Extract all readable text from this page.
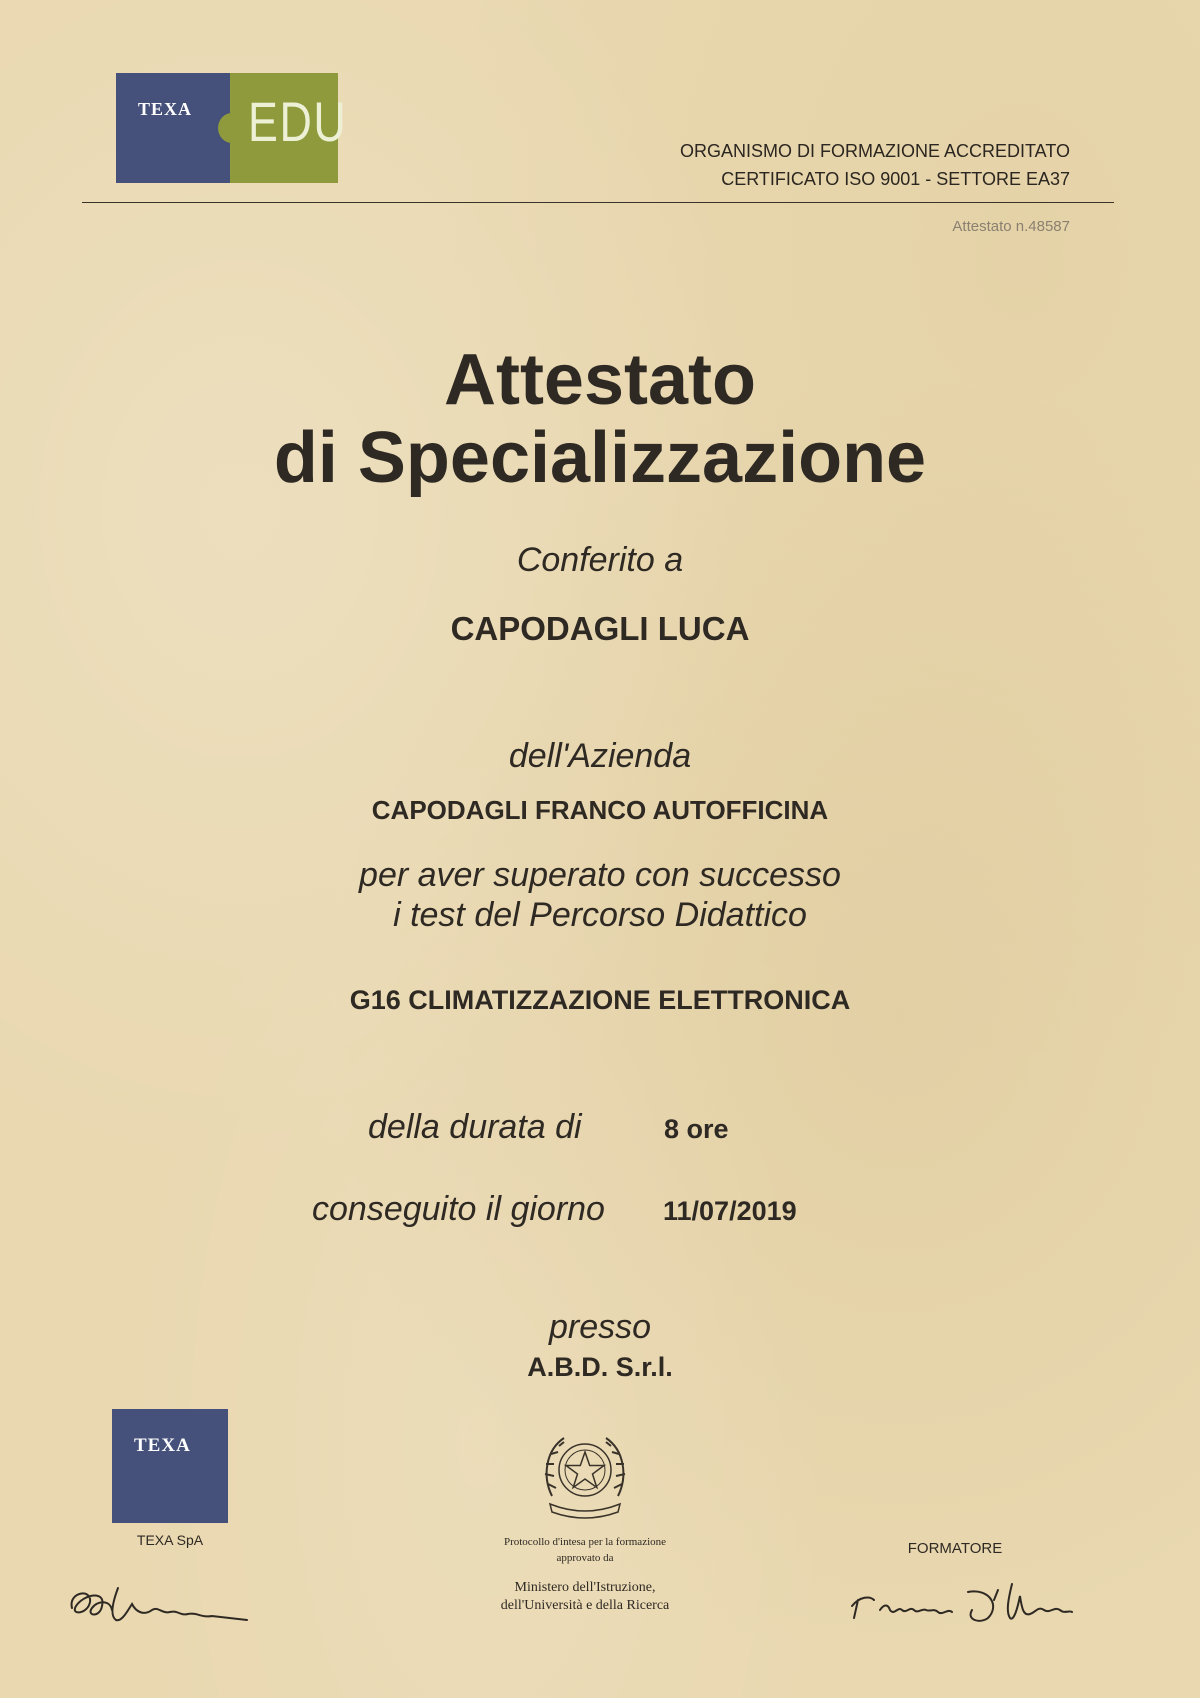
TEXA EDU	ORGANISMO DI FORMAZIONE ACCREDITATO
CERTIFICATO ISO 9001 - SETTORE EA37
Attestato n.48587
Attestato
di Specializzazione
Conferito a
CAPODAGLI LUCA
dell'Azienda
CAPODAGLI FRANCO AUTOFFICINA
per aver superato con successo
i test del Percorso Didattico
G16 CLIMATIZZAZIONE ELETTRONICA
della durata di	8 ore
conseguito il giorno 11/07/2019
presso
A.B.D. S.r.l.
TEXA
TEXA SpA	Protocollo d'intesa per la formazione
approvato da
Ministero dell'Istruzione,
dell'Università e della Ricerca
FORMATORE
